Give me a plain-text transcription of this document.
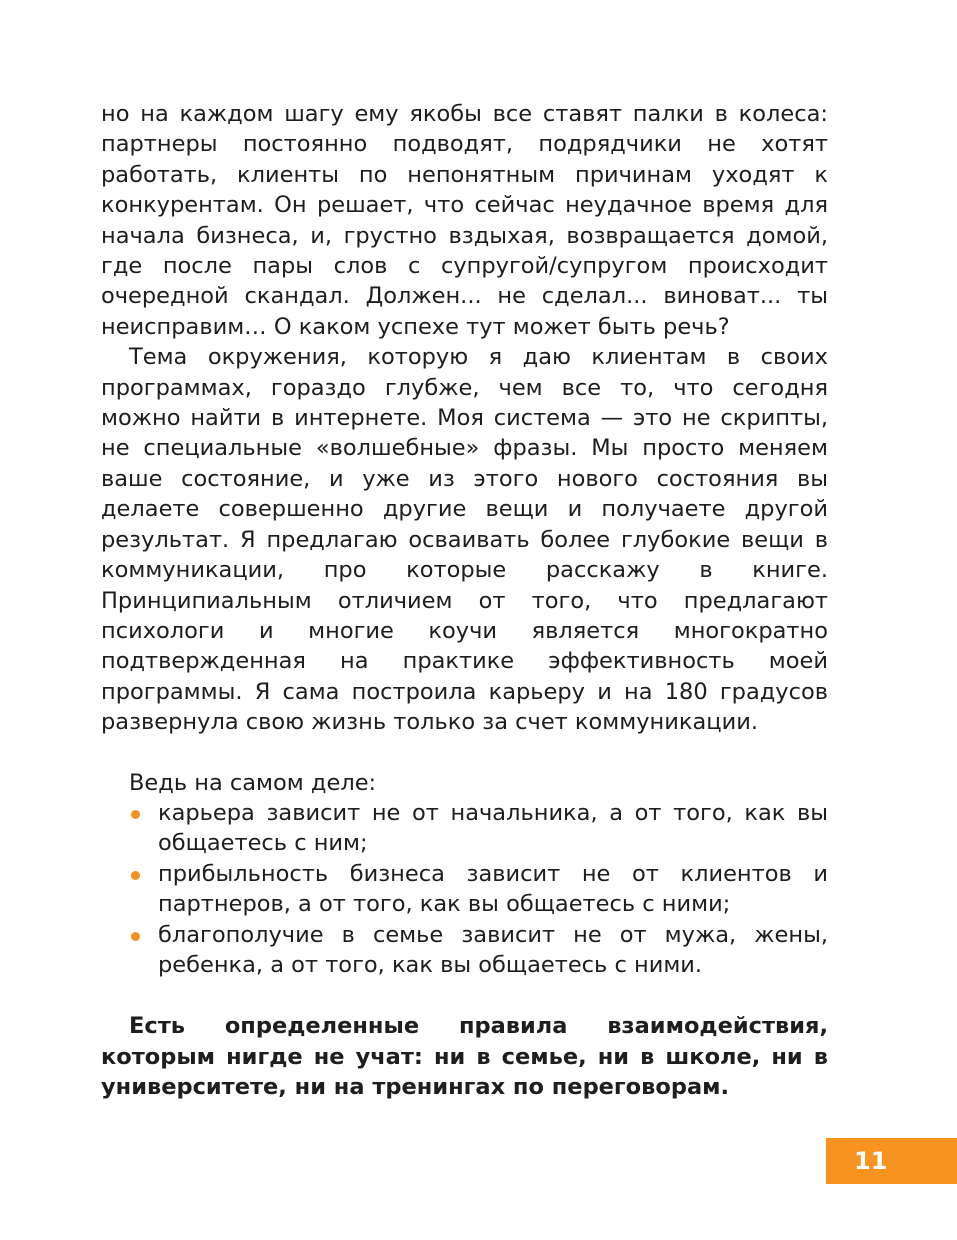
но на каждом шагу ему якобы все ставят палки в колеса: партнеры постоянно подводят, подрядчики не хотят работать, клиенты по непонятным причинам уходят к конкурентам. Он решает, что сейчас неудачное время для начала бизнеса, и, грустно вздыхая, возвращается домой, где после пары слов с супругой/супругом происходит очередной скандал. Должен... не сделал... виноват... ты неисправим… О каком успехе тут может быть речь?

Тема окружения, которую я даю клиентам в своих программах, гораздо глубже, чем все то, что сегодня можно найти в интернете. Моя система — это не скрипты, не специальные «волшебные» фразы. Мы просто меняем ваше состояние, и уже из этого нового состояния вы делаете совершенно другие вещи и получаете другой результат. Я предлагаю осваивать более глубокие вещи в коммуникации, про которые расскажу в книге. Принципиальным отличием от того, что предлагают психологи и многие коучи является многократно подтвержденная на практике эффективность моей программы. Я сама построила карьеру и на 180 градусов развернула свою жизнь только за счет коммуникации.

Ведь на самом деле:

карьера зависит не от начальника, а от того, как вы общаетесь с ним;
прибыльность бизнеса зависит не от клиентов и партнеров, а от того, как вы общаетесь с ними;
благополучие в семье зависит не от мужа, жены, ребенка, а от того, как вы общаетесь с ними.

Есть определенные правила взаимодействия, которым нигде не учат: ни в семье, ни в школе, ни в университете, ни на тренингах по переговорам.

11
